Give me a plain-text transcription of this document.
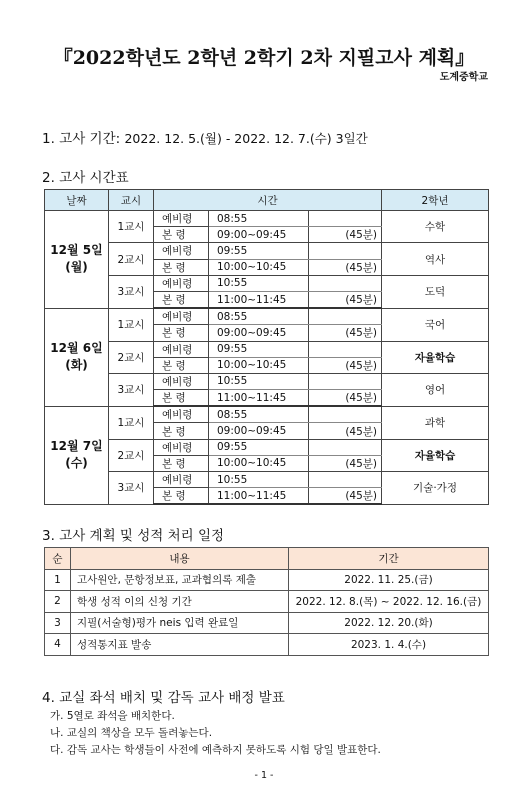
『2022학년도 2학년 2학기 2차 지필고사 계획』
도계중학교
1. 고사 기간: 2022. 12. 5.(월) - 2022. 12. 7.(수) 3일간
2. 고사 시간표
날짜	교시	시간			2학년
12월 5일
(월)	1교시	예비령	08:55		수학
		본 령	09:00~09:45	(45분)	
	2교시	예비령	09:55		역사
		본 령	10:00~10:45	(45분)	
	3교시	예비령	10:55		도덕
		본 령	11:00~11:45	(45분)	
12월 6일
(화)	1교시	예비령	08:55		국어
		본 령	09:00~09:45	(45분)	
	2교시	예비령	09:55		자율학습
		본 령	10:00~10:45	(45분)	
	3교시	예비령	10:55		영어
		본 령	11:00~11:45	(45분)	
12월 7일
(수)	1교시	예비령	08:55		과학
		본 령	09:00~09:45	(45분)	
	2교시	예비령	09:55		자율학습
		본 령	10:00~10:45	(45분)	
	3교시	예비령	10:55		기술·가정
		본 령	11:00~11:45	(45분)	
3. 고사 계획 및 성적 처리 일정
순	내용	기간
1	고사원안, 문항정보표, 교과협의록 제출	2022. 11. 25.(금)
2	학생 성적 이의 신청 기간	2022. 12. 8.(목) ~ 2022. 12. 16.(금)
3	지필(서술형)평가 neis 입력 완료일	2022. 12. 20.(화)
4	성적통지표 발송	2023. 1. 4.(수)
4. 교실 좌석 배치 및 감독 교사 배정 발표
가. 5열로 좌석을 배치한다.
나. 교실의 책상을 모두 돌려놓는다.
다. 감독 교사는 학생들이 사전에 예측하지 못하도록 시험 당일 발표한다.
- 1 -
